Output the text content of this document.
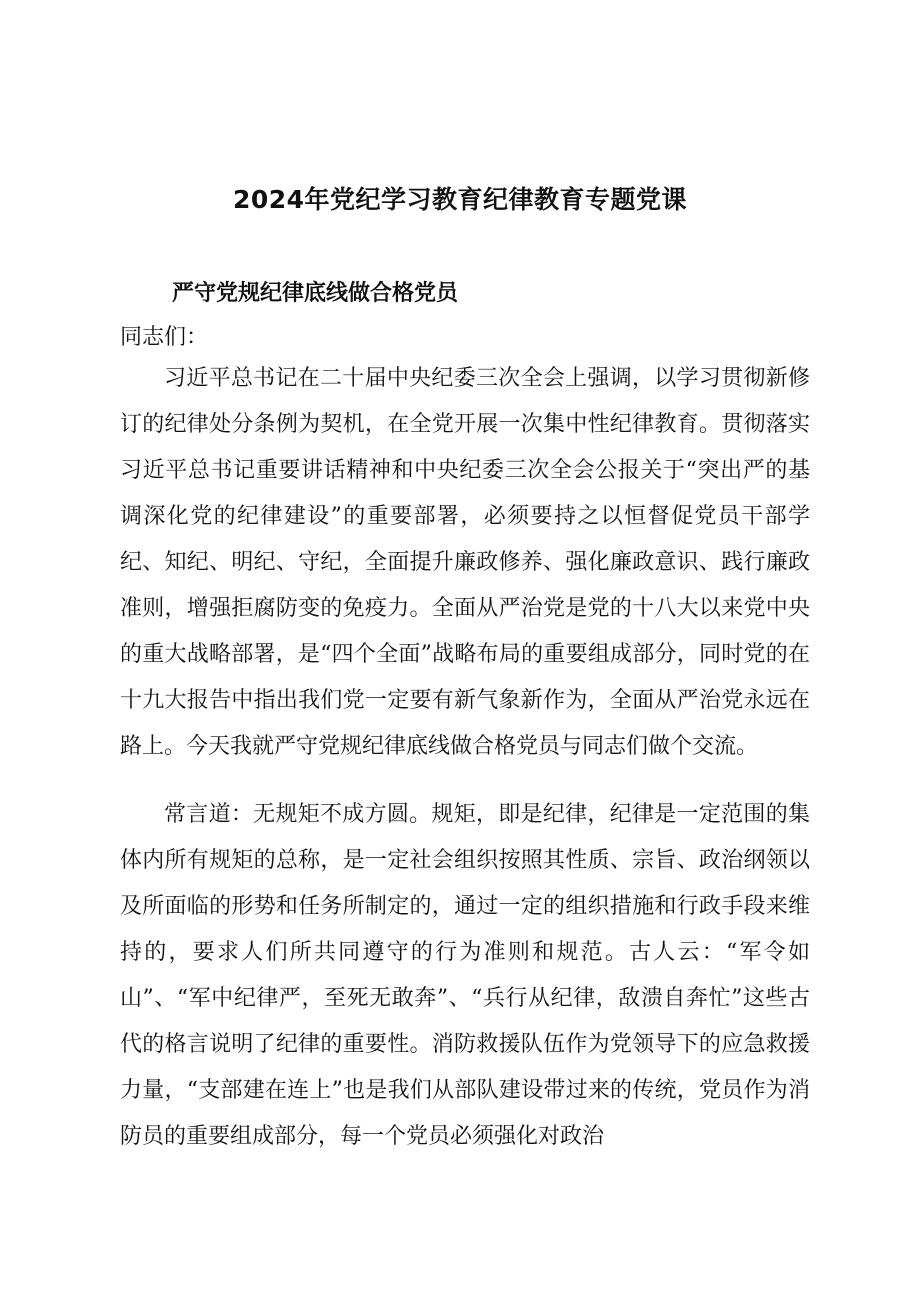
2024年党纪学习教育纪律教育专题党课
严守党规纪律底线做合格党员

同志们：

习近平总书记在二十届中央纪委三次全会上强调，以学习贯彻新修订的纪律处分条例为契机，在全党开展一次集中性纪律教育。贯彻落实习近平总书记重要讲话精神和中央纪委三次全会公报关于“突出严的基调深化党的纪律建设”的重要部署，必须要持之以恒督促党员干部学纪、知纪、明纪、守纪，全面提升廉政修养、强化廉政意识、践行廉政准则，增强拒腐防变的免疫力。全面从严治党是党的十八大以来党中央的重大战略部署，是“四个全面”战略布局的重要组成部分，同时党的在十九大报告中指出我们党一定要有新气象新作为，全面从严治党永远在路上。今天我就严守党规纪律底线做合格党员与同志们做个交流。

常言道：无规矩不成方圆。规矩，即是纪律，纪律是一定范围的集体内所有规矩的总称，是一定社会组织按照其性质、宗旨、政治纲领以及所面临的形势和任务所制定的，通过一定的组织措施和行政手段来维持的，要求人们所共同遵守的行为准则和规范。古人云：“军令如山”、“军中纪律严，至死无敢奔”、“兵行从纪律，敌溃自奔忙”这些古代的格言说明了纪律的重要性。消防救援队伍作为党领导下的应急救援力量，“支部建在连上”也是我们从部队建设带过来的传统，党员作为消防员的重要组成部分，每一个党员必须强化对政治
